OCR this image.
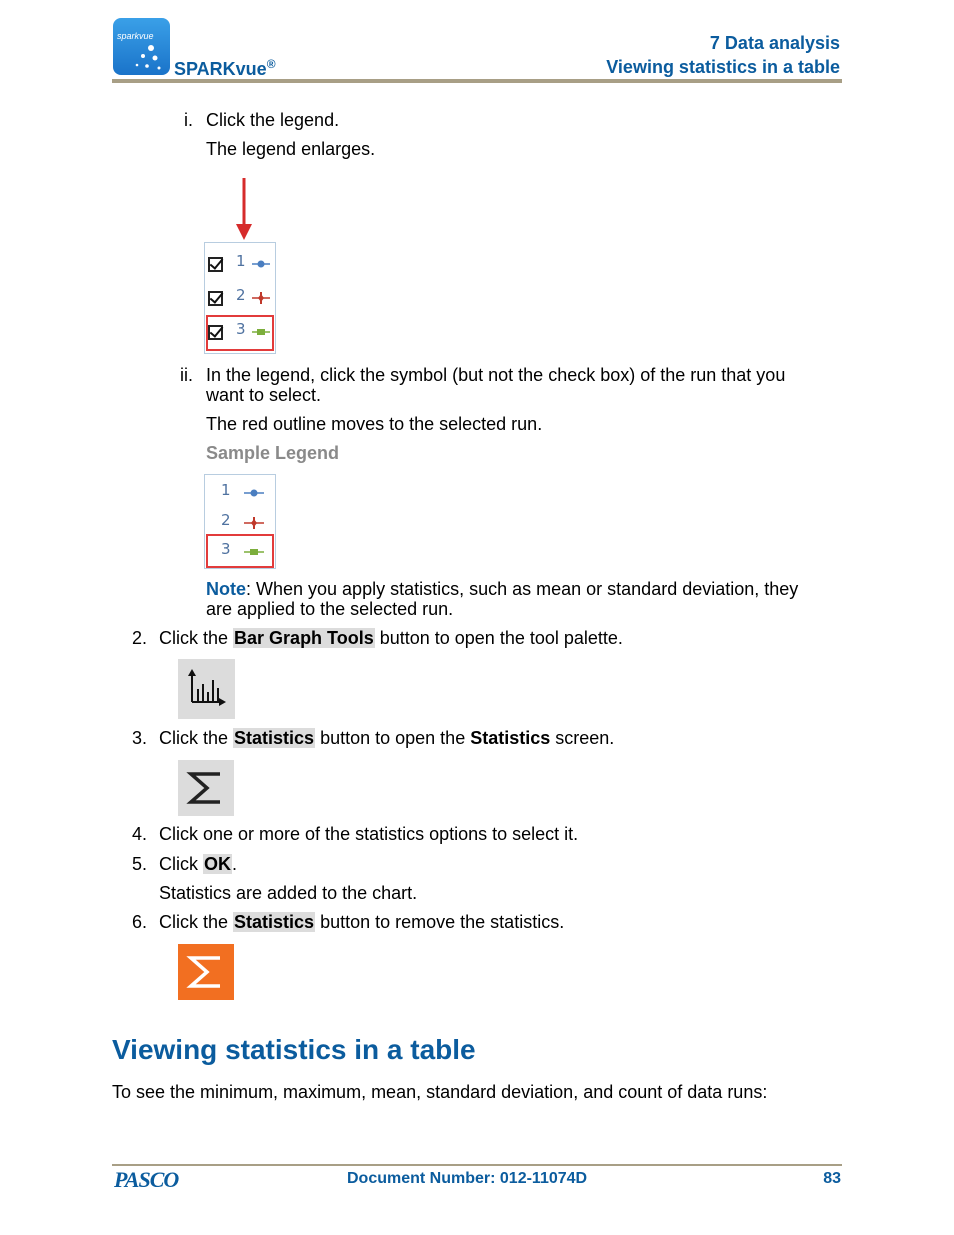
sparkvue
SPARKvue®
7 Data analysis
Viewing statistics in a table
i. Click the legend.
The legend enlarges.
1
2
3
ii. In the legend, click the symbol (but not the check box) of the run that you
want to select.
The red outline moves to the selected run.
Sample Legend
1
2
3
Note: When you apply statistics, such as mean or standard deviation, they
are applied to the selected run.
2. Click the Bar Graph Tools button to open the tool palette.
3. Click the Statistics button to open the Statistics screen.
4. Click one or more of the statistics options to select it.
5. Click OK.
Statistics are added to the chart.
6. Click the Statistics button to remove the statistics.
Viewing statistics in a table
To see the minimum, maximum, mean, standard deviation, and count of data runs:
PASCO	Document Number: 012-11074D	83
